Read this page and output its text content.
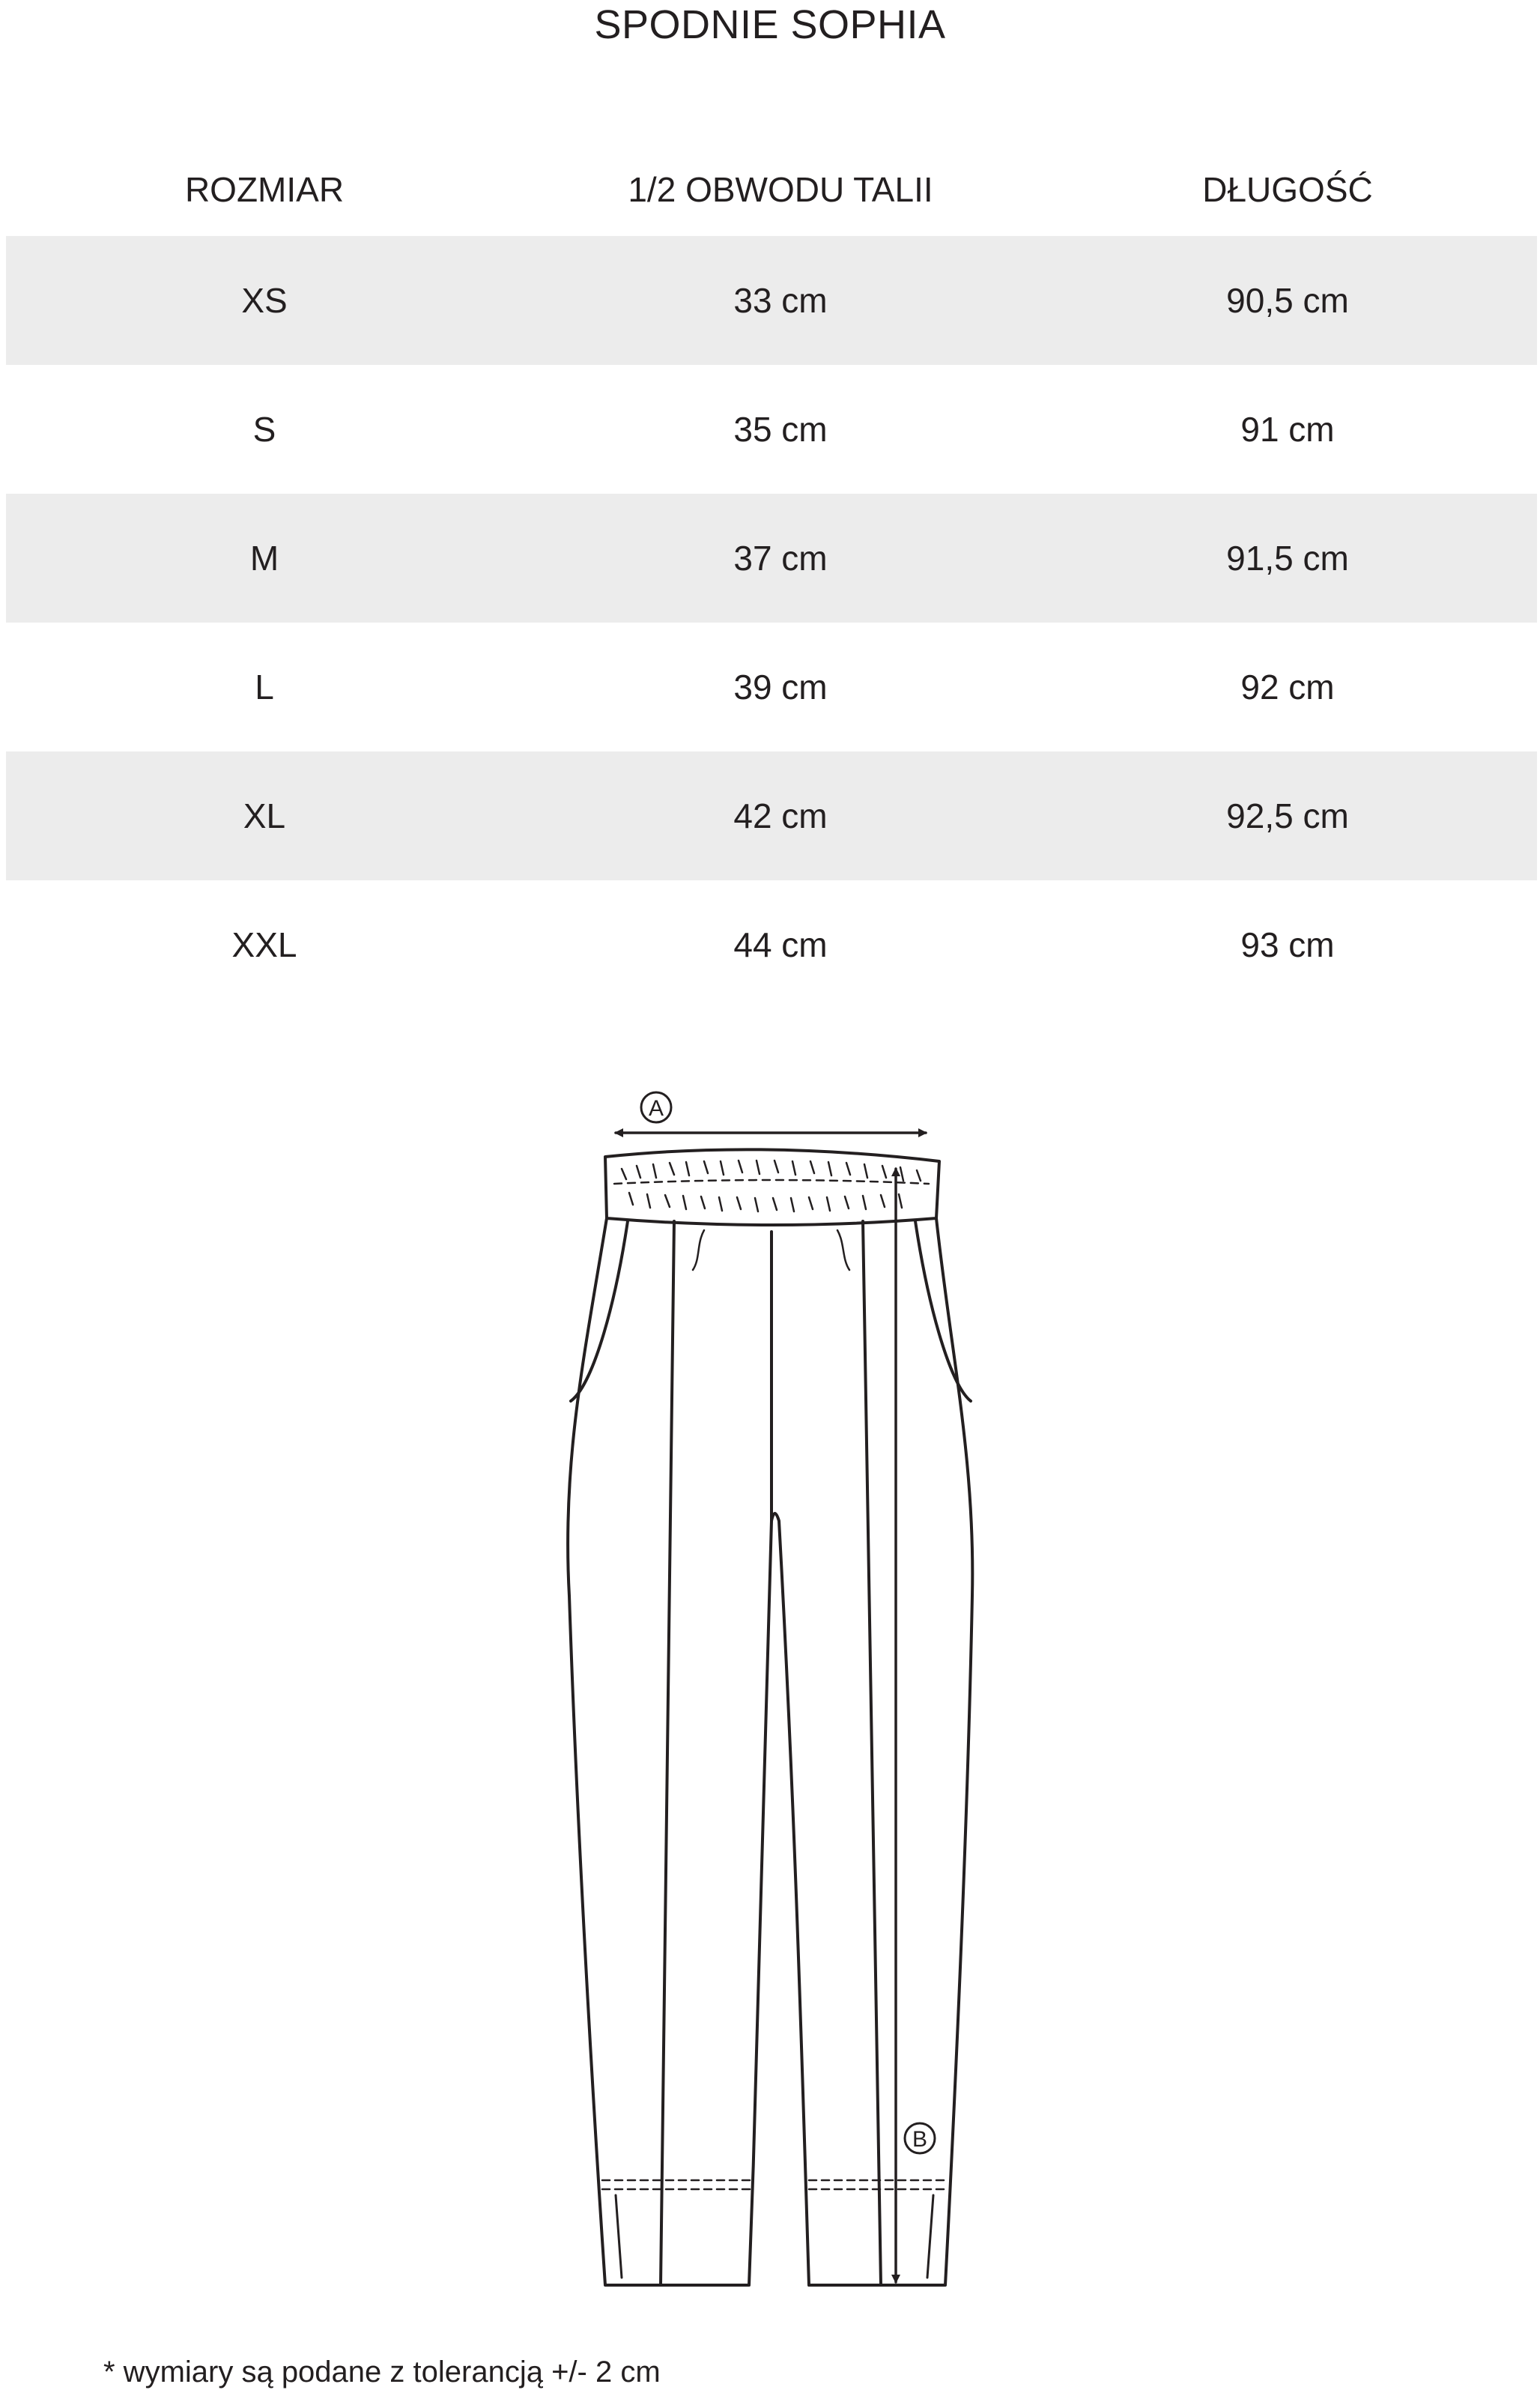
SPODNIE SOPHIA
ROZMIAR	1/2 OBWODU TALII	DŁUGOŚĆ
XS	33 cm	90,5 cm
S	35 cm	91 cm
M	37 cm	91,5 cm
L	39 cm	92 cm
XL	42 cm	92,5 cm
XXL	44 cm	93 cm
A
B
* wymiary są podane z tolerancją +/- 2 cm
